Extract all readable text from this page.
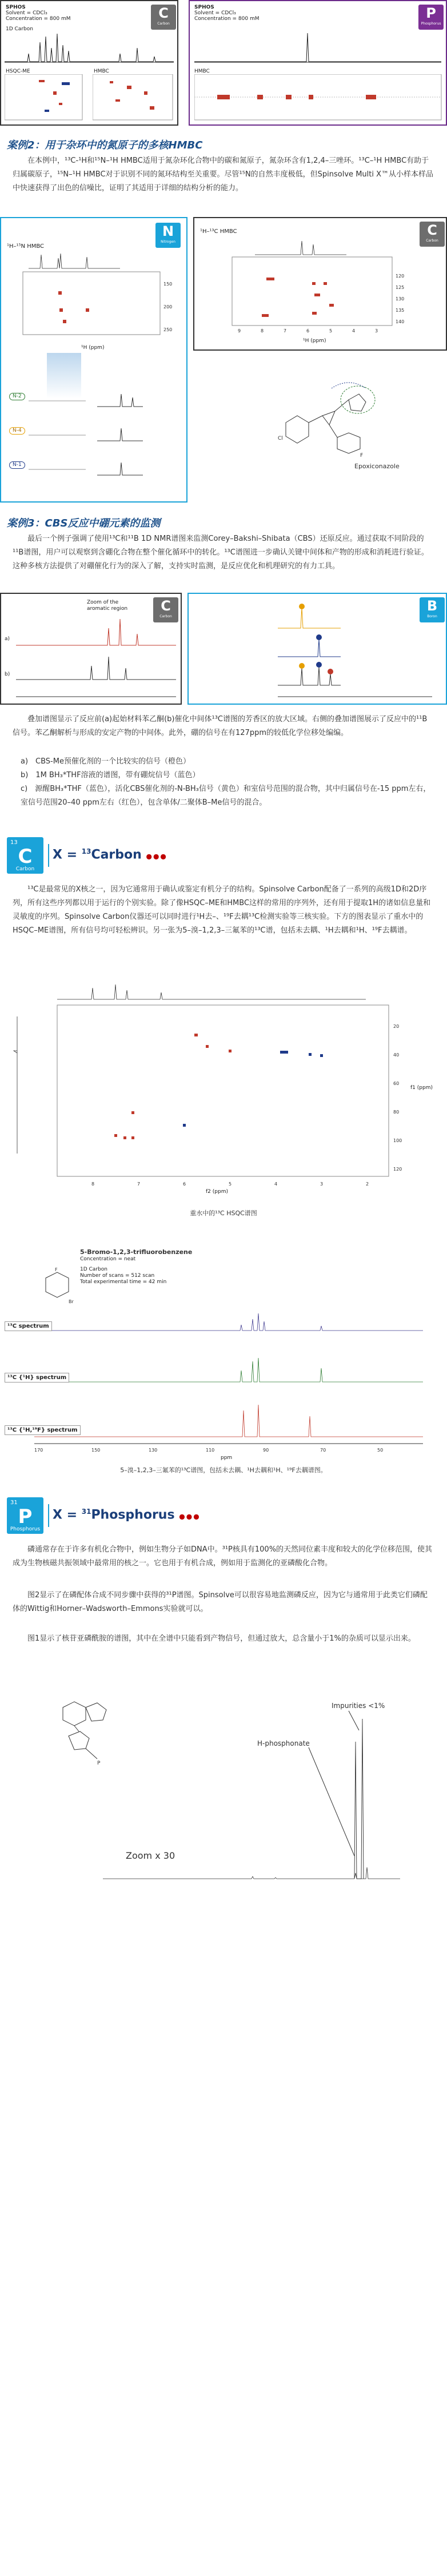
SPHOS
Solvent = CDCl₃
Concentration = 800 mM
1D Carbon
C
Carbon
HSQC-ME	HMBC
SPHOS
Solvent = CDCl₃
Concentration = 800 mM	P
Phosphorus
HMBC
案例2：用于杂环中的氮原子的多核HMBC
在本例中，¹³C-¹H和¹⁵N–¹H HMBC适用于氮杂环化合物中的碳和氮原子，氮杂环含有1,2,4–三唑环。¹³C–¹H HMBC有助于归属碳原子，¹⁵N–¹H HMBC对于识别不同的氮环结构至关重要。尽管¹⁵N的自然丰度极低，但Spinsolve Multi X™从小样本样品中快速获得了出色的信噪比，证明了其适用于详细的结构分析的能力。
¹H–¹⁵N HMBC
N
Nitrogen
150
200
250
¹H (ppm)
N-2
N-4
N-1
¹H–¹³C HMBC	C
Carbon
120
125
130
135
140
9	8	7	6	5	4	3
¹H (ppm)
F
Cl
Epoxiconazole
案例3：CBS反应中硼元素的监测
最后一个例子强调了使用¹³C和¹¹B 1D NMR谱图来监测Corey–Bakshi–Shibata（CBS）还原反应。通过获取不同阶段的¹¹B谱图，用户可以观察到含硼化合物在整个催化循环中的转化。¹³C谱图进一步确认关键中间体和产物的形成和消耗进行验证。这种多核方法提供了对硼催化行为的深入了解，支持实时监测，是反应优化和机理研究的有力工具。
Zoom of the aromatic region	C
Carbon
a)
b)
B
Boron
叠加谱图显示了反应前(a)起始材料苯乙酮(b)催化中间体¹³C谱图的芳香区的放大区域。右侧的叠加谱图展示了反应中的¹¹B信号。苯乙酮解析与形成的安定产物的中间体。此外，硼的信号在有127ppm的较低化学位移处编编。
a)　CBS-Me预催化剂的一个比较实的信号（橙色）
b)　1M BH₃*THF溶液的谱图，带有硼烷信号（蓝色）
c)　源醒BH₃*THF（蓝色），活化CBS催化剂的-N-BH₃信号（黄色）和室信号范围的混合物，其中归属信号在-15 ppm左右，室信号范围20–40 ppm左右（红色），包含单体/二聚体B–Me信号的混合。
13
C
Carbon
X = $^{13}$Carbon ●●●
¹³C是最常见的X核之一，因为它通常用于确认或鉴定有机分子的结构。Spinsolve Carbon配备了一系列的高级1D和2D序列，所有这些序列都以用于运行的个别实验。除了像HSQC–ME和HMBC这样的常用的序列外，还有用于提取1H的诸如信息量和灵敏度的序列。Spinsolve Carbon仪器还可以同时进行¹H去–、¹⁹F去耦¹³C检测实验等三核实验。下方的图表显示了重水中的HSQC–ME谱图，所有信号均可轻松辨识。另一张为5–溴–1,2,3–三氟苯的¹³C谱，包括未去耦、¹H去耦和¹H、¹⁹F去耦谱。
20
40
60
80
100
120
8	7	6	5	4	3	2
f2 (ppm)
f1 (ppm)
重水中的¹³C HSQC谱图
5-Bromo-1,2,3-trifluorobenzene
Concentration = neat
1D Carbon
Number of scans = 512 scan
Total experimental time = 42 min
F
Br
170	150	130	110	90	70	50
¹³C spectrum
¹³C {¹H} spectrum
¹³C {¹H,¹⁹F} spectrum
ppm
5–溴–1,2,3–三氟苯的¹³C谱图，包括未去耦、¹H去耦和¹H、¹⁹F去耦谱图。
31
P
Phosphorus
X = $^{31}$Phosphorus ●●●
磷通常存在于许多有机化合物中，例如生物分子如DNA中。³¹P核具有100%的天然同位素丰度和较大的化学位移范围，使其成为生物核磁共振领域中最常用的核之一。它也用于有机合成，例如用于监测化的亚磷酸化合物。
图2显示了在磷配体合成不同步骤中获得的³¹P谱图。Spinsolve可以很容易地监测磷反应，因为它与通常用于此类它们磷配体的Wittig和Horner–Wadsworth–Emmons实验就可以。
图1显示了核苷亚磷酰胺的谱图，其中在全谱中只能看到产物信号，但通过放大，总含量小于1%的杂质可以显示出来。
P
Impurities <1%
H-phosphonate
Zoom x 30
